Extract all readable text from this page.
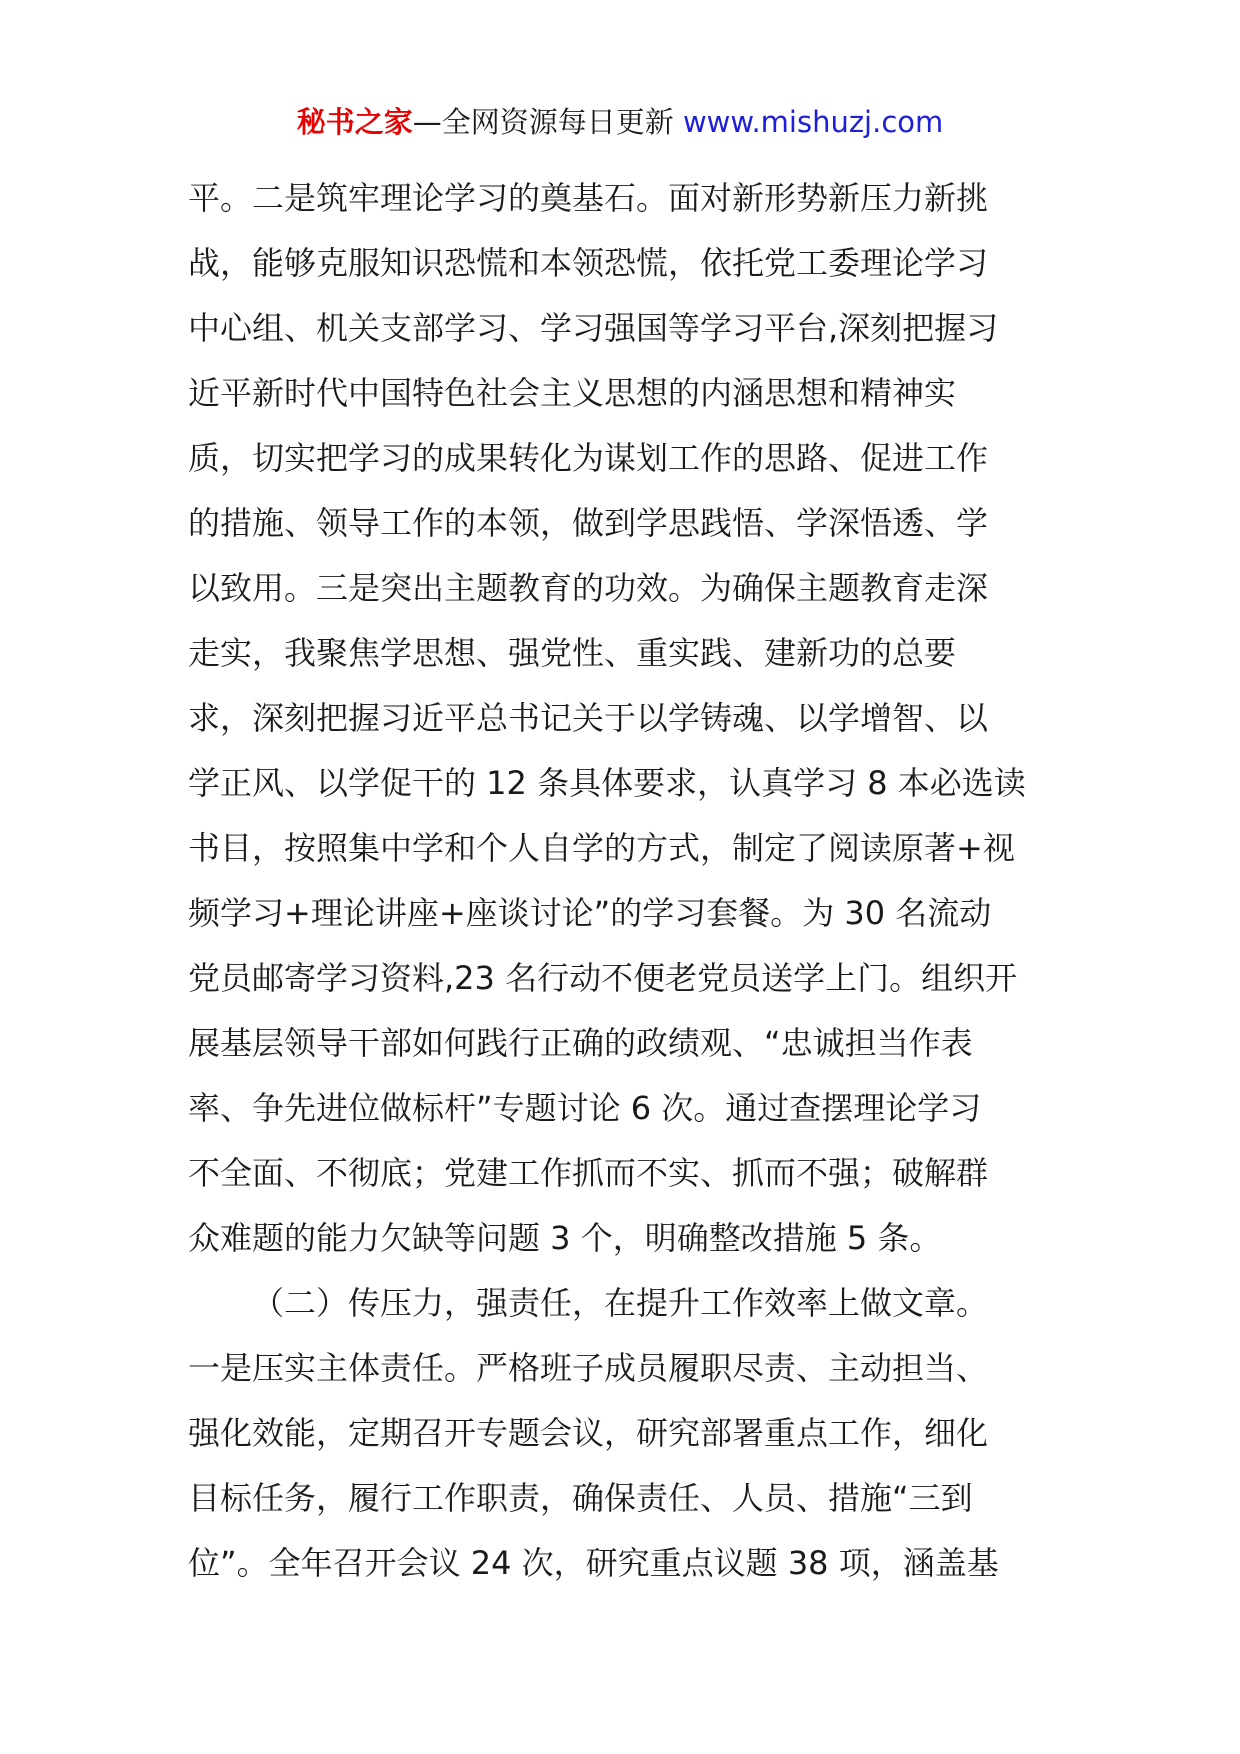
秘书之家—全网资源每日更新 www.mishuzj.com
平。二是筑牢理论学习的奠基石。面对新形势新压力新挑
战，能够克服知识恐慌和本领恐慌，依托党工委理论学习
中心组、机关支部学习、学习强国等学习平台,深刻把握习
近平新时代中国特色社会主义思想的内涵思想和精神实
质，切实把学习的成果转化为谋划工作的思路、促进工作
的措施、领导工作的本领，做到学思践悟、学深悟透、学
以致用。三是突出主题教育的功效。为确保主题教育走深
走实，我聚焦学思想、强党性、重实践、建新功的总要
求，深刻把握习近平总书记关于以学铸魂、以学增智、以
学正风、以学促干的 12 条具体要求，认真学习 8 本必选读
书目，按照集中学和个人自学的方式，制定了阅读原著+视
频学习+理论讲座+座谈讨论”的学习套餐。为 30 名流动
党员邮寄学习资料,23 名行动不便老党员送学上门。组织开
展基层领导干部如何践行正确的政绩观、“忠诚担当作表
率、争先进位做标杆”专题讨论 6 次。通过查摆理论学习
不全面、不彻底；党建工作抓而不实、抓而不强；破解群
众难题的能力欠缺等问题 3 个，明确整改措施 5 条。
（二）传压力，强责任，在提升工作效率上做文章。
一是压实主体责任。严格班子成员履职尽责、主动担当、
强化效能，定期召开专题会议，研究部署重点工作，细化
目标任务，履行工作职责，确保责任、人员、措施“三到
位”。全年召开会议 24 次，研究重点议题 38 项，涵盖基
